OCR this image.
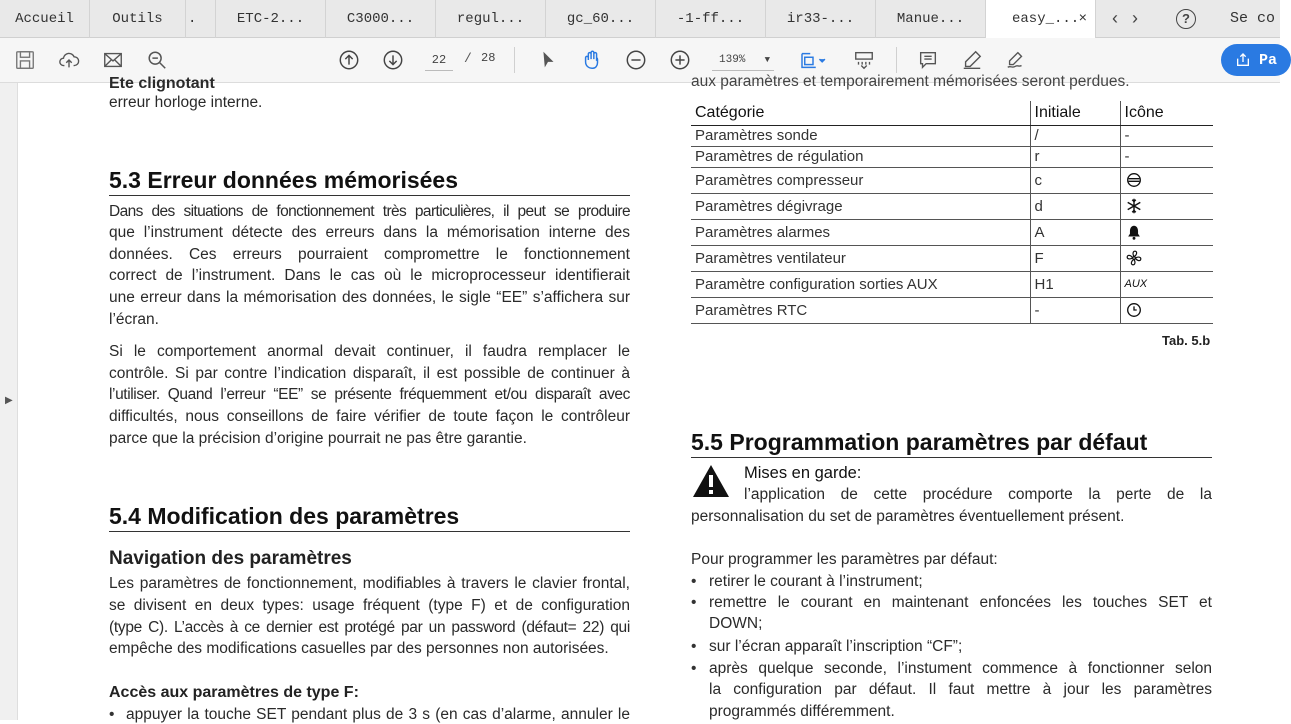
Accueil	Outils .	ETC-2...	C3000...	regul...	gc_60...	-1-ff...	ir33-...	Manue...	easy_... × ‹ ›	?	Se co
22	/ 28	139% ▼	Pa
▶
Ete clignotant
erreur horloge interne.
5.3 Erreur données mémorisées
Dans des situations de fonctionnement très particulières, il peut se produire
que l’instrument détecte des erreurs dans la mémorisation interne des
données. Ces erreurs pourraient compromettre le fonctionnement
correct de l’instrument. Dans le cas où le microprocesseur identifierait
une erreur dans la mémorisation des données, le sigle “EE” s’affichera sur
l’écran.
Si le comportement anormal devait continuer, il faudra remplacer le
contrôle. Si par contre l’indication disparaît, il est possible de continuer à
l’utiliser. Quand l’erreur “EE” se présente fréquemment et/ou disparaît avec
difficultés, nous conseillons de faire vérifier de toute façon le contrôleur
parce que la précision d’origine pourrait ne pas être garantie.
5.4 Modification des paramètres
Navigation des paramètres
Les paramètres de fonctionnement, modifiables à travers le clavier frontal,
se divisent en deux types: usage fréquent (type F) et de configuration
(type C). L’accès à ce dernier est protégé par un password (défaut= 22) qui
empêche des modifications casuelles par des personnes non autorisées.
Accès aux paramètres de type F:
• appuyer la touche SET pendant plus de 3 s (en cas d’alarme, annuler le
aux paramètres et temporairement mémorisées seront perdues.
Catégorie	Initiale	Icône
Paramètres sonde	/	-
Paramètres de régulation	r	-
Paramètres compresseur	c	
Paramètres dégivrage	d	
Paramètres alarmes	A	
Paramètres ventilateur	F	
Paramètre configuration sorties AUX	H1	AUX
Paramètres RTC	-	
Tab. 5.b
5.5 Programmation paramètres par défaut
Mises en garde:
l’application de cette procédure comporte la perte de la
personnalisation du set de paramètres éventuellement présent.
Pour programmer les paramètres par défaut:
• retirer le courant à l’instrument;
• remettre le courant en maintenant enfoncées les touches SET et
DOWN;
• sur l’écran apparaît l’inscription “CF”;
• après quelque seconde, l’instument commence à fonctionner selon
la configuration par défaut. Il faut mettre à jour les paramètres
programmés différemment.
